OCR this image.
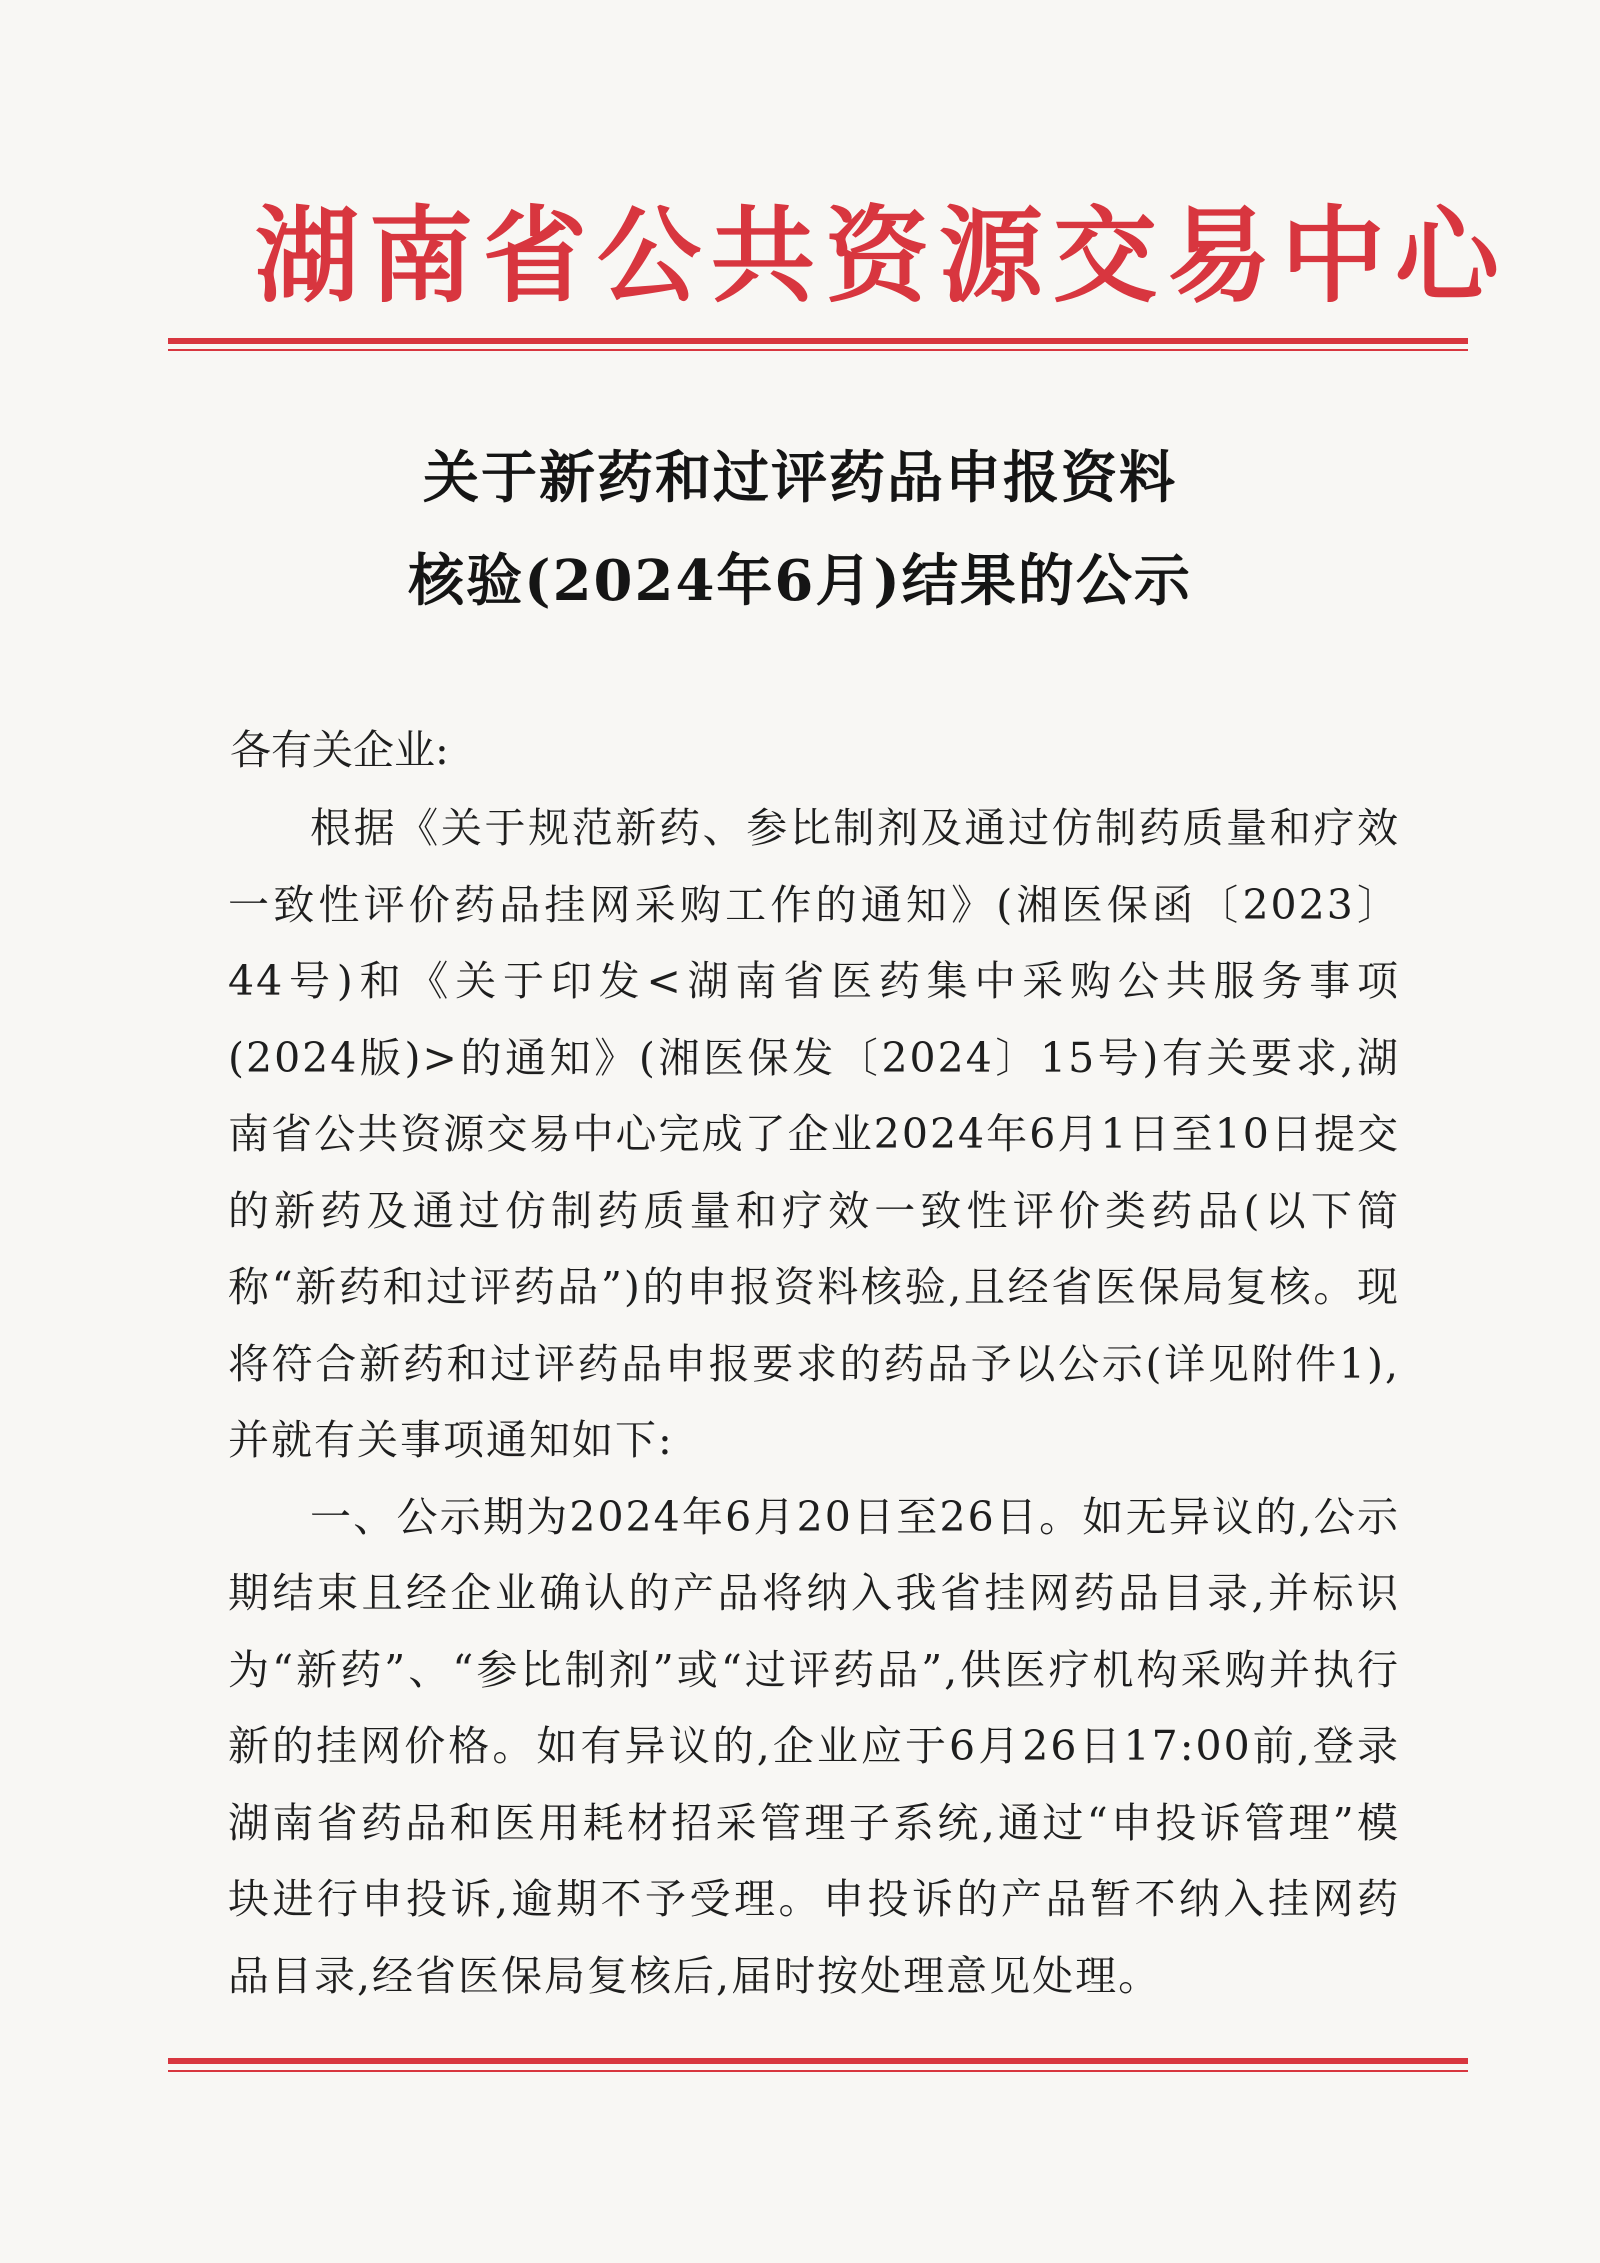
湖南省公共资源交易中心
关于新药和过评药品申报资料
核验(2024年6月)结果的公示
各有关企业:

根据《关于规范新药、参比制剂及通过仿制药质量和疗效一致性评价药品挂网采购工作的通知》(湘医保函〔2023〕44号)和《关于印发<湖南省医药集中采购公共服务事项(2024版)>的通知》(湘医保发〔2024〕15号)有关要求,湖南省公共资源交易中心完成了企业2024年6月1日至10日提交的新药及通过仿制药质量和疗效一致性评价类药品(以下简称“新药和过评药品”)的申报资料核验,且经省医保局复核。现将符合新药和过评药品申报要求的药品予以公示(详见附件1),并就有关事项通知如下:

一、公示期为2024年6月20日至26日。如无异议的,公示期结束且经企业确认的产品将纳入我省挂网药品目录,并标识为“新药”、“参比制剂”或“过评药品”,供医疗机构采购并执行新的挂网价格。如有异议的,企业应于6月26日17:00前,登录湖南省药品和医用耗材招采管理子系统,通过“申投诉管理”模块进行申投诉,逾期不予受理。申投诉的产品暂不纳入挂网药品目录,经省医保局复核后,届时按处理意见处理。
